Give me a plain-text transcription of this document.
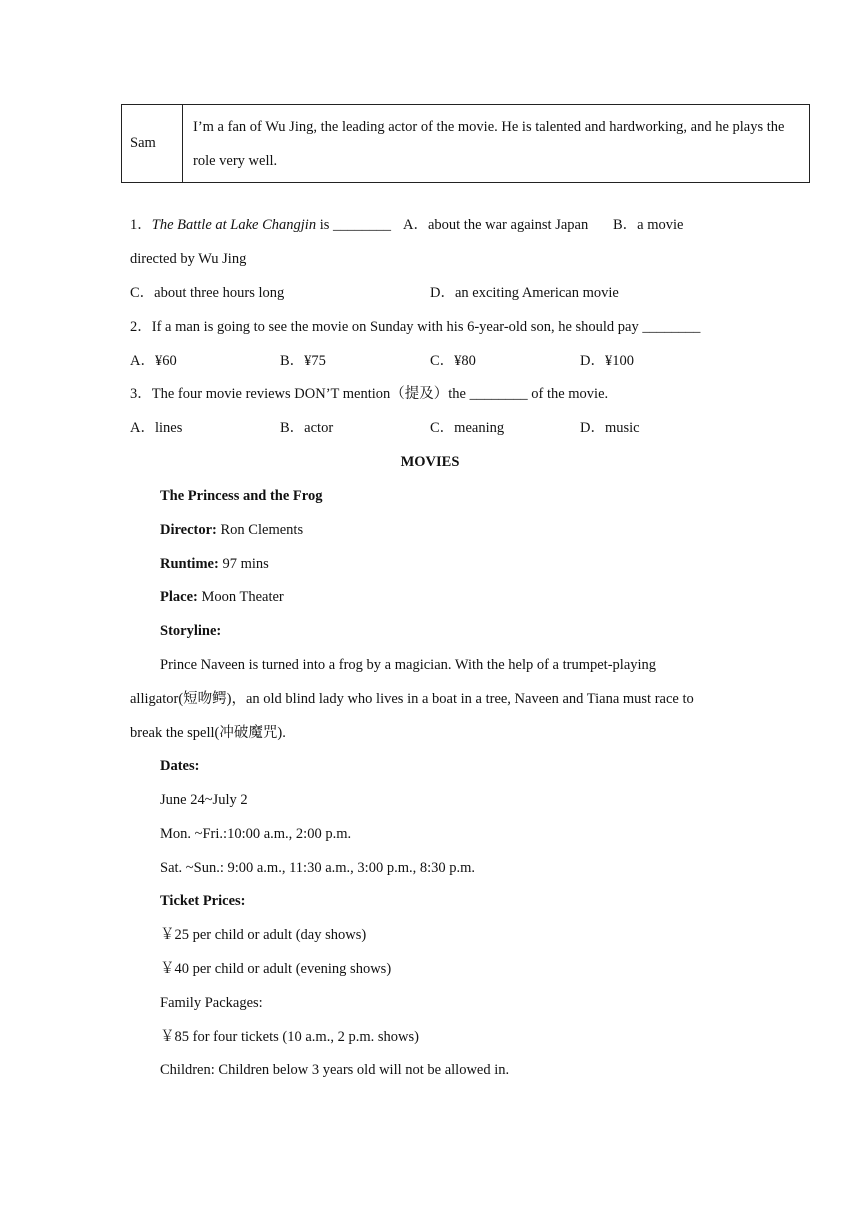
Sam	I’m a fan of Wu Jing, the leading actor of the movie. He is talented and hardworking, and he plays the role very well.
1．The Battle at Lake Changjin is ________ A．about the war against Japan B．a movie
directed by Wu Jing
C．about three hours long	D．an exciting American movie
2．If a man is going to see the movie on Sunday with his 6-year-old son, he should pay ________
A．¥60	B．¥75	C．¥80	D．¥100
3．The four movie reviews DON’T mention（提及）the ________ of the movie.
A．lines	B．actor	C．meaning	D．music
MOVIES
The Princess and the Frog
Director: Ron Clements
Runtime: 97 mins
Place: Moon Theater
Storyline:
Prince Naveen is turned into a frog by a magician. With the help of a trumpet-playing
alligator(短吻鳄)，an old blind lady who lives in a boat in a tree, Naveen and Tiana must race to
break the spell(冲破魔咒).
Dates:
June 24~July 2
Mon. ~Fri.:10:00 a.m., 2:00 p.m.
Sat. ~Sun.: 9:00 a.m., 11:30 a.m., 3:00 p.m., 8:30 p.m.
Ticket Prices:
￥25 per child or adult (day shows)
￥40 per child or adult (evening shows)
Family Packages:
￥85 for four tickets (10 a.m., 2 p.m. shows)
Children: Children below 3 years old will not be allowed in.
